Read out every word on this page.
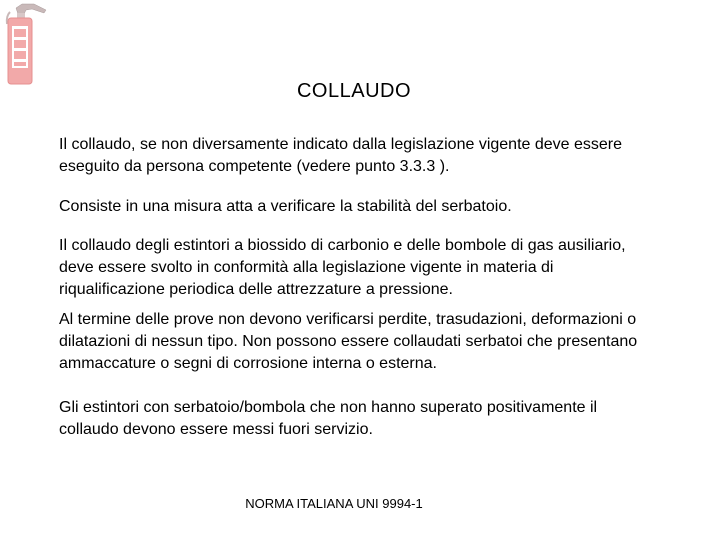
COLLAUDO

Il collaudo, se non diversamente indicato dalla legislazione vigente deve essere eseguito da persona competente (vedere punto 3.3.3 ).

Consiste in una misura atta a verificare la stabilità del serbatoio.

Il collaudo degli estintori a biossido di carbonio e delle bombole di gas ausiliario, deve essere svolto in conformità alla legislazione vigente in materia di riqualificazione periodica delle attrezzature a pressione.

Al termine delle prove non devono verificarsi perdite, trasudazioni, deformazioni o dilatazioni di nessun tipo. Non possono essere collaudati serbatoi che presentano ammaccature o segni di corrosione interna o esterna.

Gli estintori con serbatoio/bombola che non hanno superato positivamente il collaudo devono essere messi fuori servizio.

NORMA ITALIANA UNI 9994-1
